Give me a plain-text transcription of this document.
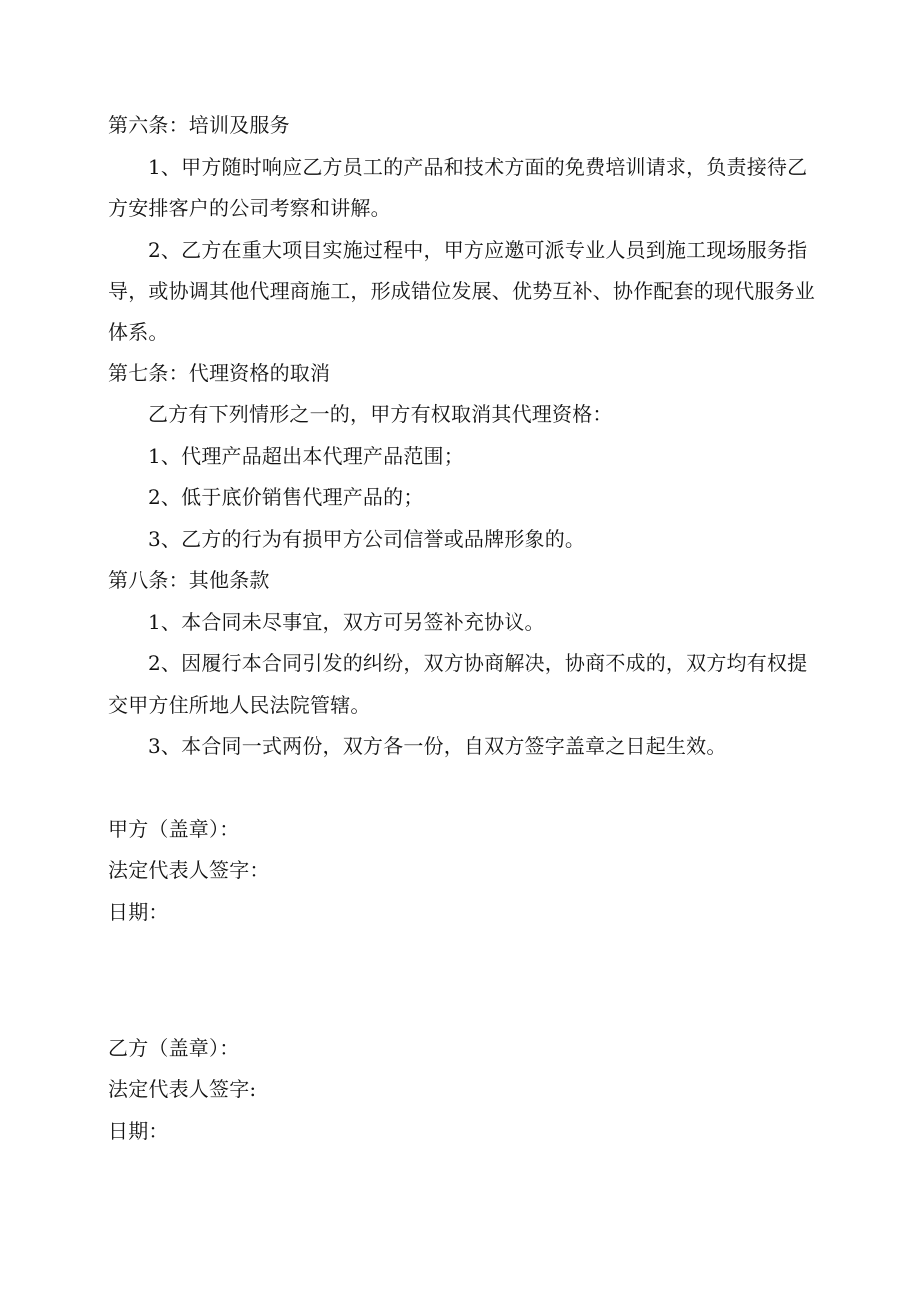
第六条：培训及服务
1、甲方随时响应乙方员工的产品和技术方面的免费培训请求，负责接待乙
方安排客户的公司考察和讲解。
2、乙方在重大项目实施过程中，甲方应邀可派专业人员到施工现场服务指
导，或协调其他代理商施工，形成错位发展、优势互补、协作配套的现代服务业
体系。
第七条：代理资格的取消
乙方有下列情形之一的，甲方有权取消其代理资格：
1、代理产品超出本代理产品范围；
2、低于底价销售代理产品的；
3、乙方的行为有损甲方公司信誉或品牌形象的。
第八条：其他条款
1、本合同未尽事宜，双方可另签补充协议。
2、因履行本合同引发的纠纷，双方协商解决，协商不成的，双方均有权提
交甲方住所地人民法院管辖。
3、本合同一式两份，双方各一份，自双方签字盖章之日起生效。
甲方（盖章）：
法定代表人签字：
日期：
乙方（盖章）：
法定代表人签字:
日期：
